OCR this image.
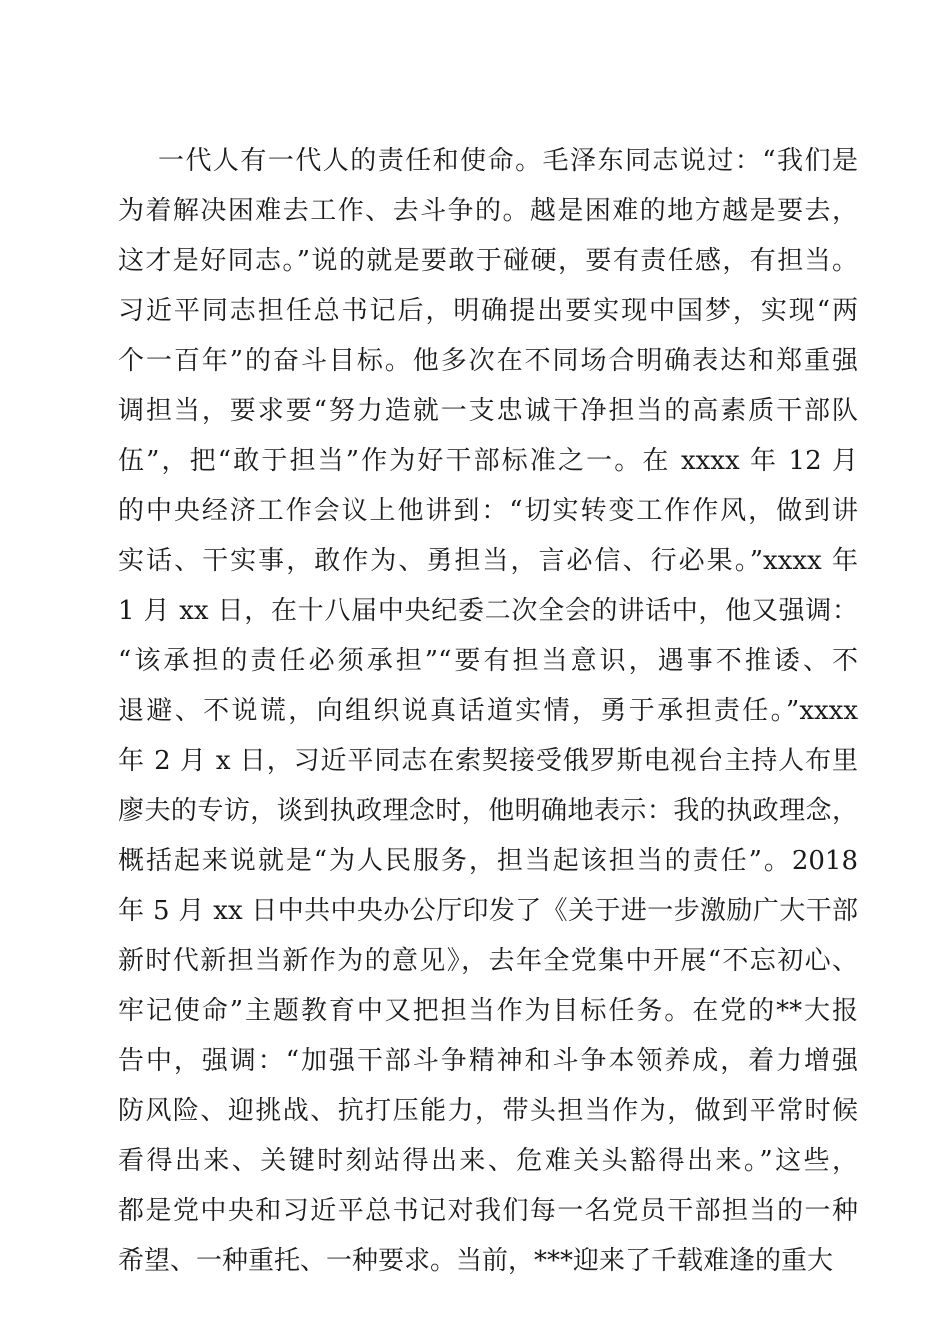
一代人有一代人的责任和使命。毛泽东同志说过：“我们是
为着解决困难去工作、去斗争的。越是困难的地方越是要去，
这才是好同志。”说的就是要敢于碰硬，要有责任感，有担当。
习近平同志担任总书记后，明确提出要实现中国梦，实现“两
个一百年”的奋斗目标。他多次在不同场合明确表达和郑重强
调担当，要求要“努力造就一支忠诚干净担当的高素质干部队
伍”，把“敢于担当”作为好干部标准之一。在 xxxx 年 12 月
的中央经济工作会议上他讲到：“切实转变工作作风，做到讲
实话、干实事，敢作为、勇担当，言必信、行必果。”xxxx 年
1 月 xx 日，在十八届中央纪委二次全会的讲话中，他又强调：
“该承担的责任必须承担”“要有担当意识，遇事不推诿、不
退避、不说谎，向组织说真话道实情，勇于承担责任。”xxxx
年 2 月 x 日，习近平同志在索契接受俄罗斯电视台主持人布里
廖夫的专访，谈到执政理念时，他明确地表示：我的执政理念，
概括起来说就是“为人民服务，担当起该担当的责任”。2018
年 5 月 xx 日中共中央办公厅印发了《关于进一步激励广大干部
新时代新担当新作为的意见》，去年全党集中开展“不忘初心、
牢记使命”主题教育中又把担当作为目标任务。在党的**大报
告中，强调：“加强干部斗争精神和斗争本领养成，着力增强
防风险、迎挑战、抗打压能力，带头担当作为，做到平常时候
看得出来、关键时刻站得出来、危难关头豁得出来。”这些，
都是党中央和习近平总书记对我们每一名党员干部担当的一种
希望、一种重托、一种要求。当前，***迎来了千载难逢的重大
